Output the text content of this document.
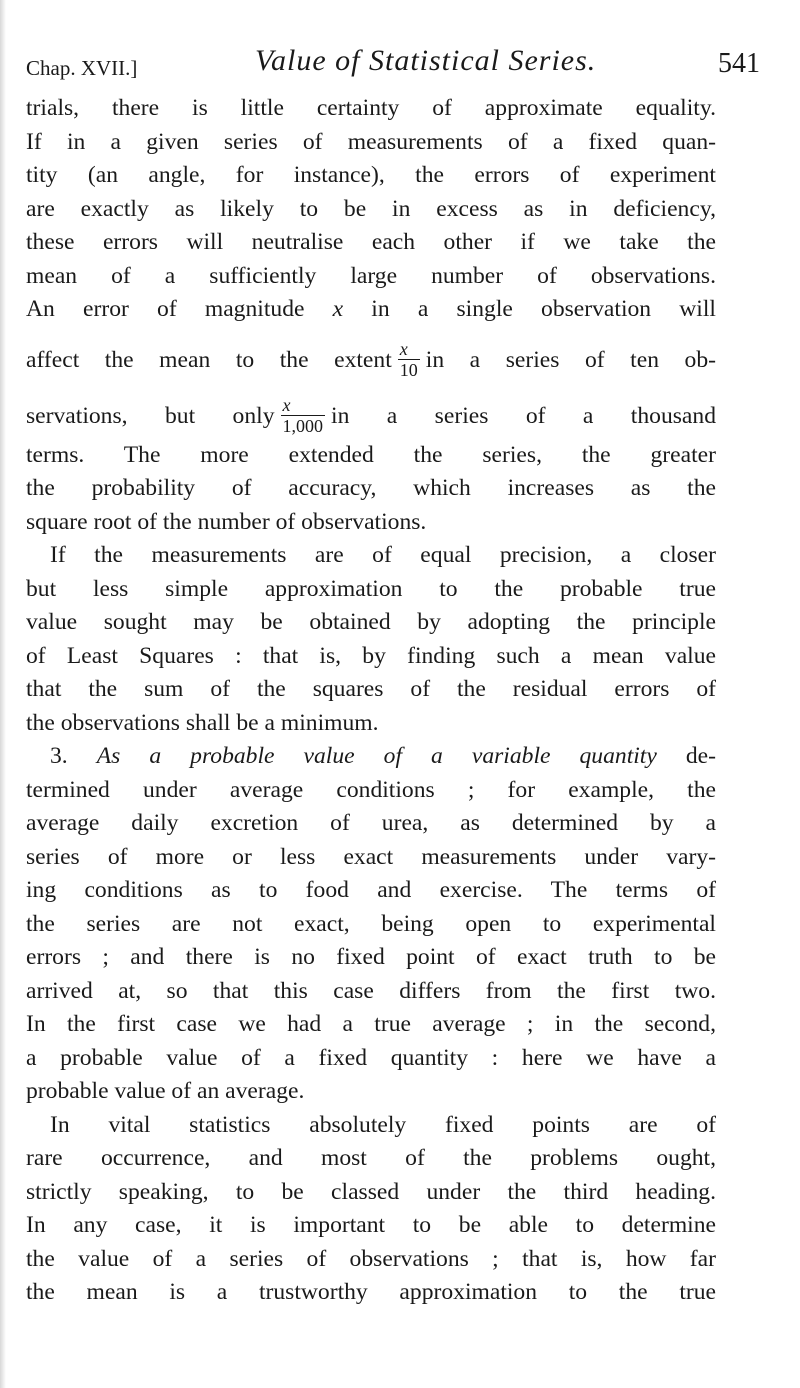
Chap. XVII.]	Value of Statistical Series.	541
trials, there is little certainty of approximate equality.
If in a given series of measurements of a fixed quan-
tity (an angle, for instance), the errors of experiment
are exactly as likely to be in excess as in deficiency,
these errors will neutralise each other if we take the
mean of a sufficiently large number of observations.
An error of magnitude x in a single observation will
affect the mean to the extent $\frac{x}{10}$ in a series of ten ob-
servations, but only $\frac{x}{1,000}$ in a series of a thousand
terms. The more extended the series, the greater
the probability of accuracy, which increases as the
square root of the number of observations.
If the measurements are of equal precision, a closer
but less simple approximation to the probable true
value sought may be obtained by adopting the principle
of Least Squares : that is, by finding such a mean value
that the sum of the squares of the residual errors of
the observations shall be a minimum.
3. As a probable value of a variable quantity de-
termined under average conditions ; for example, the
average daily excretion of urea, as determined by a
series of more or less exact measurements under vary-
ing conditions as to food and exercise. The terms of
the series are not exact, being open to experimental
errors ; and there is no fixed point of exact truth to be
arrived at, so that this case differs from the first two.
In the first case we had a true average ; in the second,
a probable value of a fixed quantity : here we have a
probable value of an average.
In vital statistics absolutely fixed points are of
rare occurrence, and most of the problems ought,
strictly speaking, to be classed under the third heading.
In any case, it is important to be able to determine
the value of a series of observations ; that is, how far
the mean is a trustworthy approximation to the true
